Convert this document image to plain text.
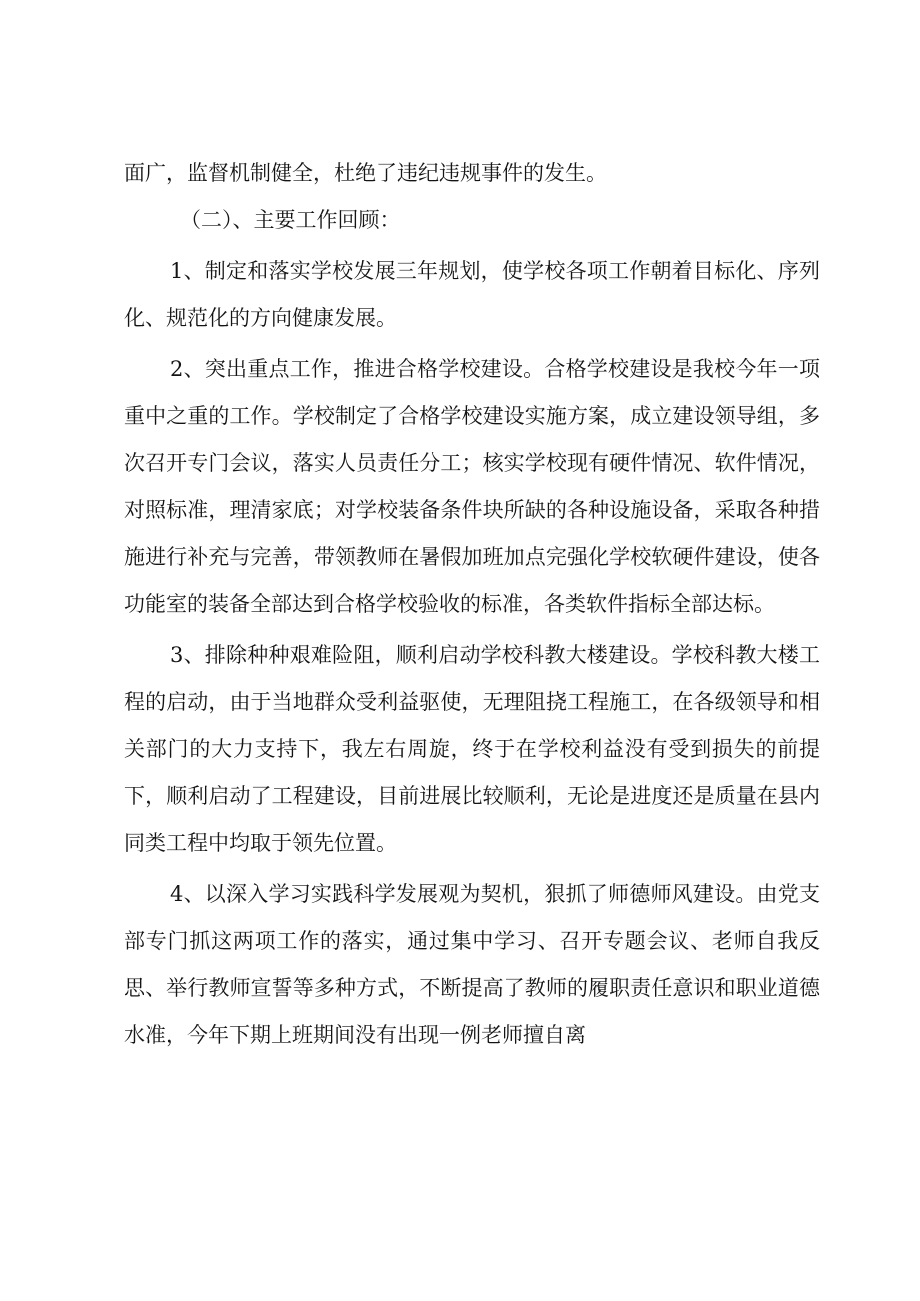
面广，监督机制健全，杜绝了违纪违规事件的发生。

（二）、主要工作回顾：

1、制定和落实学校发展三年规划，使学校各项工作朝着目标化、序列化、规范化的方向健康发展。

2、突出重点工作，推进合格学校建设。合格学校建设是我校今年一项重中之重的工作。学校制定了合格学校建设实施方案，成立建设领导组，多次召开专门会议，落实人员责任分工；核实学校现有硬件情况、软件情况，对照标准，理清家底；对学校装备条件块所缺的各种设施设备，采取各种措施进行补充与完善，带领教师在暑假加班加点完强化学校软硬件建设，使各功能室的装备全部达到合格学校验收的标准，各类软件指标全部达标。

3、排除种种艰难险阻，顺利启动学校科教大楼建设。学校科教大楼工程的启动，由于当地群众受利益驱使，无理阻挠工程施工，在各级领导和相关部门的大力支持下，我左右周旋，终于在学校利益没有受到损失的前提下，顺利启动了工程建设，目前进展比较顺利，无论是进度还是质量在县内同类工程中均取于领先位置。

4、以深入学习实践科学发展观为契机，狠抓了师德师风建设。由党支部专门抓这两项工作的落实，通过集中学习、召开专题会议、老师自我反思、举行教师宣誓等多种方式，不断提高了教师的履职责任意识和职业道德水准，今年下期上班期间没有出现一例老师擅自离
